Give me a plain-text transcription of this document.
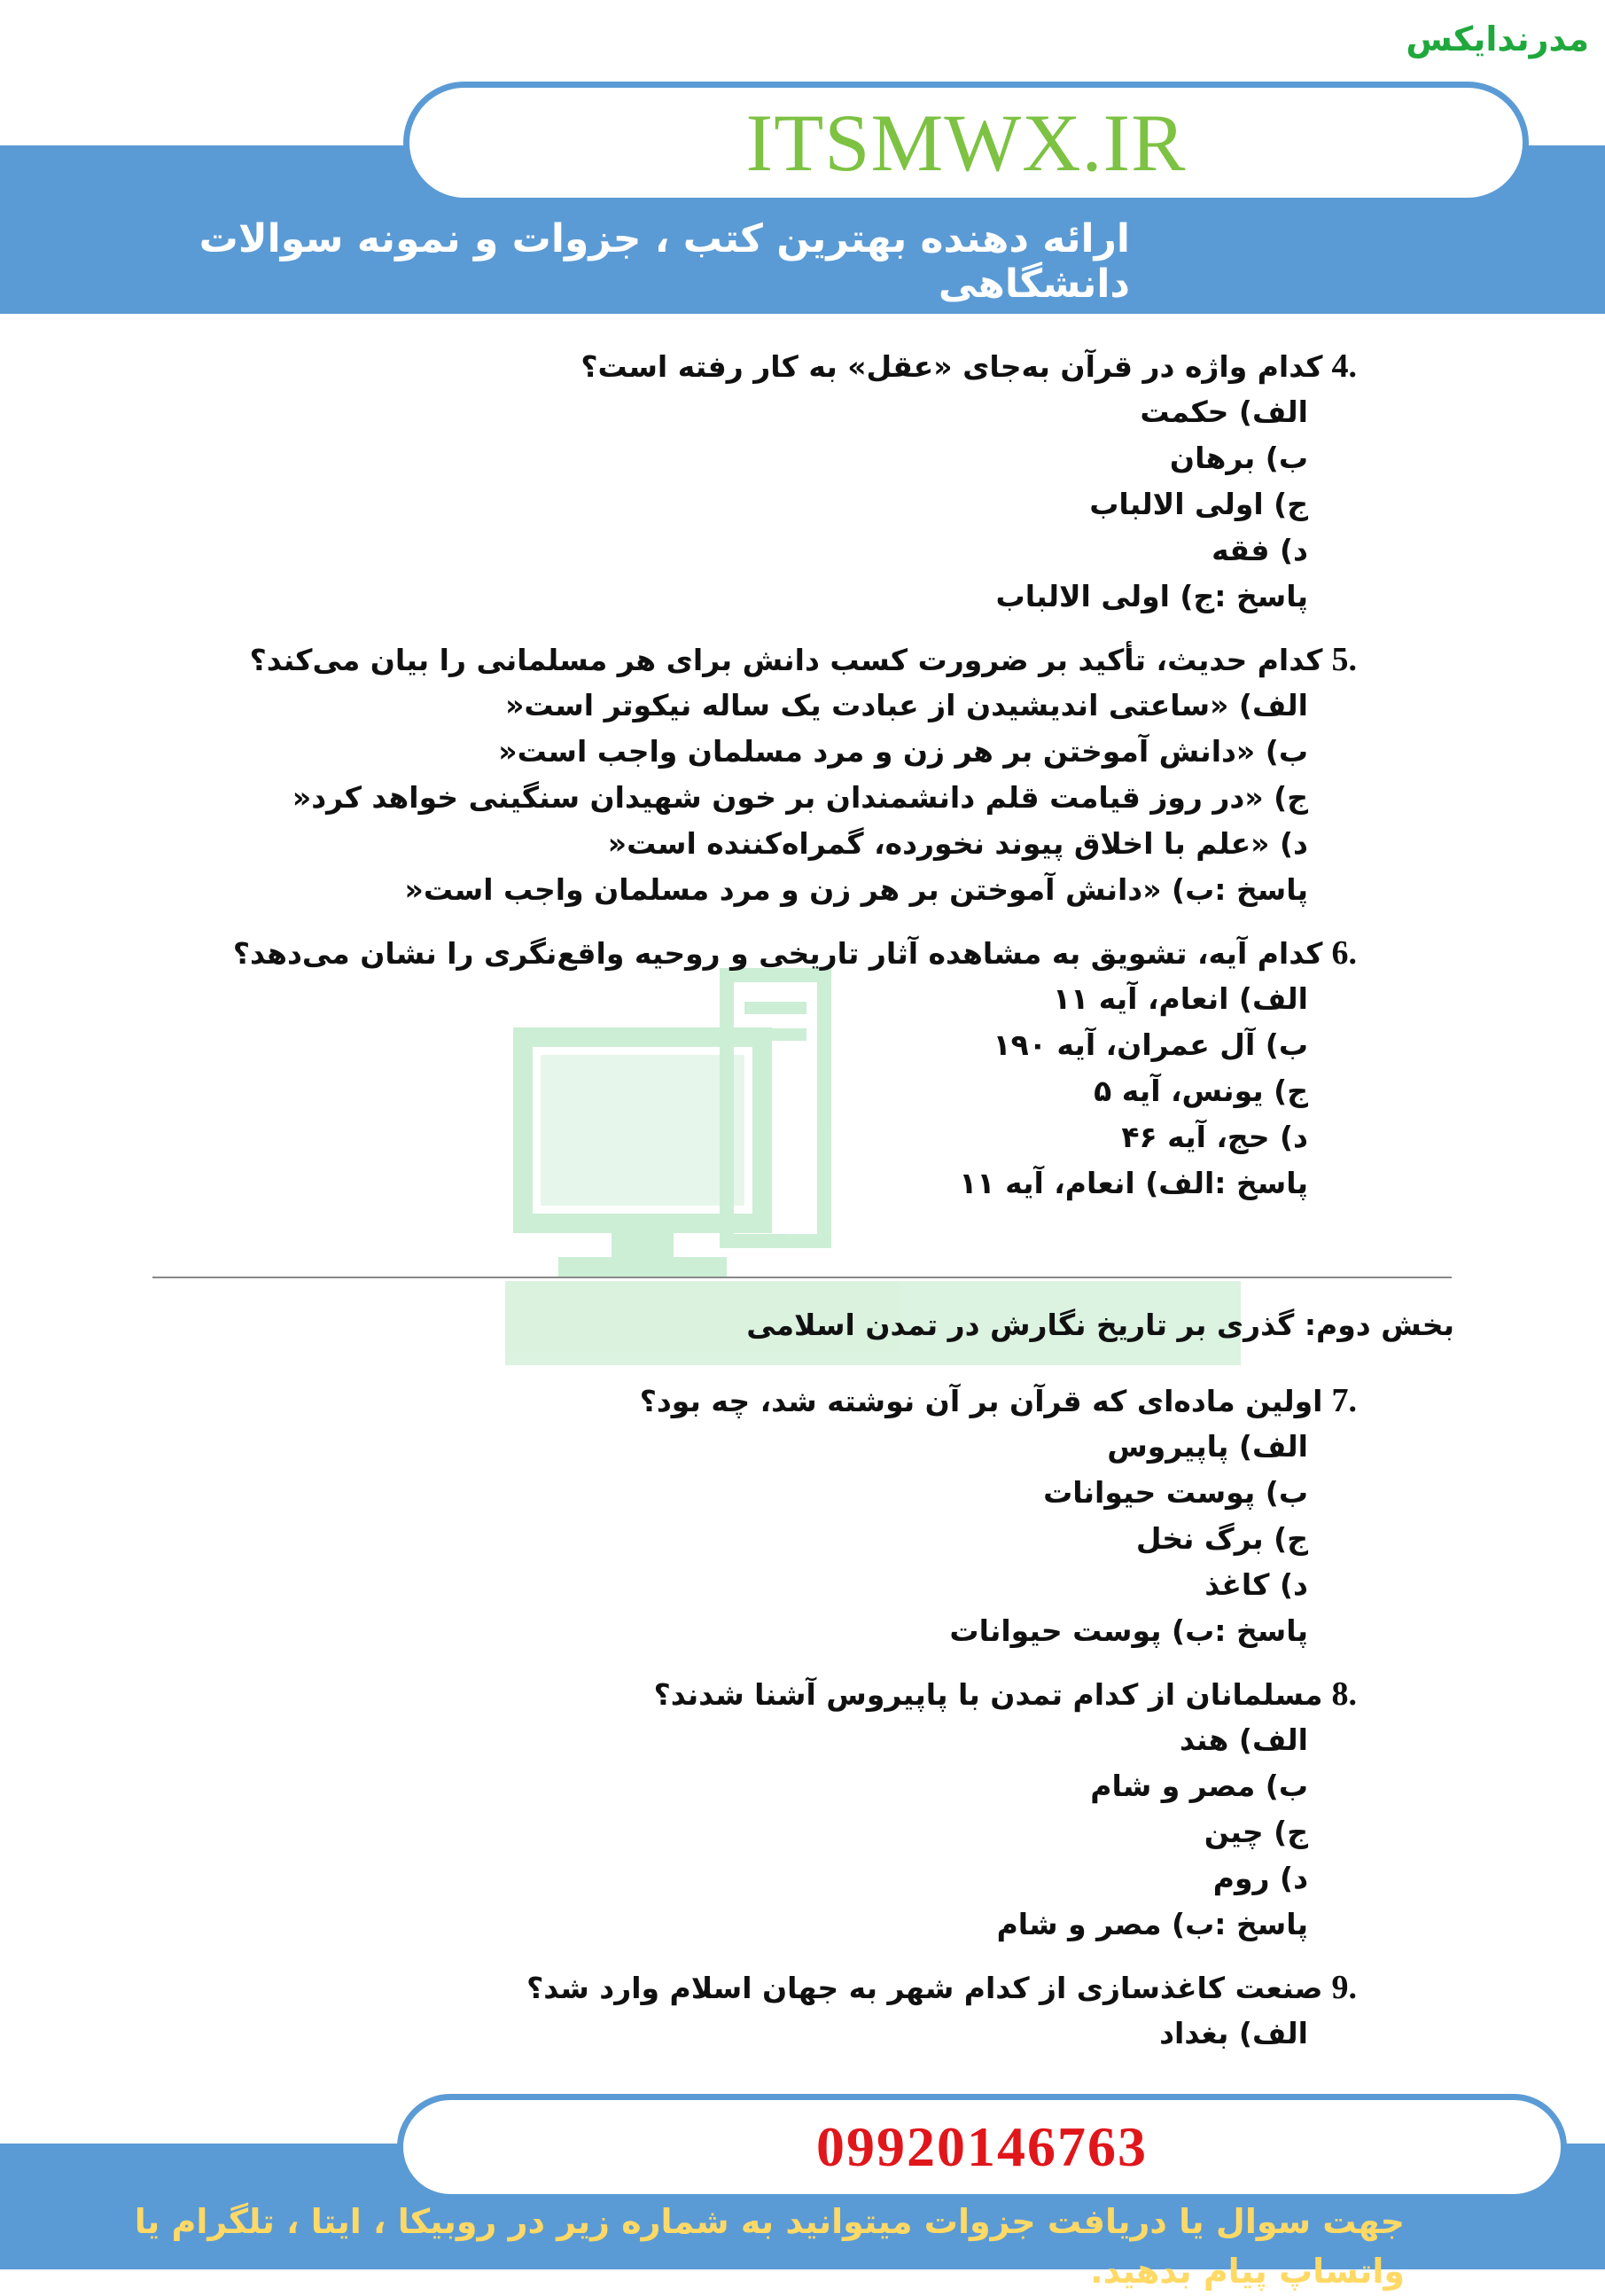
مدرندایکس
ITSMWX.IR
ارائه دهنده بهترین کتب ، جزوات و نمونه سوالات دانشگاهی
.4کدام واژه در قرآن به‌جای «عقل» به کار رفته است؟
الف) حکمت
ب) برهان
ج) اولی الالباب
د) فقه
پاسخ :ج) اولی الالباب
.5کدام حدیث، تأکید بر ضرورت کسب دانش برای هر مسلمانی را بیان می‌کند؟
الف) «ساعتی اندیشیدن از عبادت یک ساله نیکوتر است«
ب) «دانش آموختن بر هر زن و مرد مسلمان واجب است«
ج) «در روز قیامت قلم دانشمندان بر خون شهیدان سنگینی خواهد کرد«
د) «علم با اخلاق پیوند نخورده، گمراه‌کننده است«
پاسخ :ب) «دانش آموختن بر هر زن و مرد مسلمان واجب است«
.6کدام آیه، تشویق به مشاهده آثار تاریخی و روحیه واقع‌نگری را نشان می‌دهد؟
الف) انعام، آیه ۱۱
ب) آل عمران، آیه ۱۹۰
ج) یونس، آیه ۵
د) حج، آیه ۴۶
پاسخ :الف) انعام، آیه ۱۱
بخش دوم: گذری بر تاریخ نگارش در تمدن اسلامی
.7اولین ماده‌ای که قرآن بر آن نوشته شد، چه بود؟
الف) پاپیروس
ب) پوست حیوانات
ج) برگ نخل
د) کاغذ
پاسخ :ب) پوست حیوانات
.8مسلمانان از کدام تمدن با پاپیروس آشنا شدند؟
الف) هند
ب) مصر و شام
ج) چین
د) روم
پاسخ :ب) مصر و شام
.9صنعت کاغذسازی از کدام شهر به جهان اسلام وارد شد؟
الف) بغداد
09920146763
جهت سوال یا دریافت جزوات میتوانید به شماره زیر در روبیکا ، ایتا ، تلگرام یا واتساپ پیام بدهید.
